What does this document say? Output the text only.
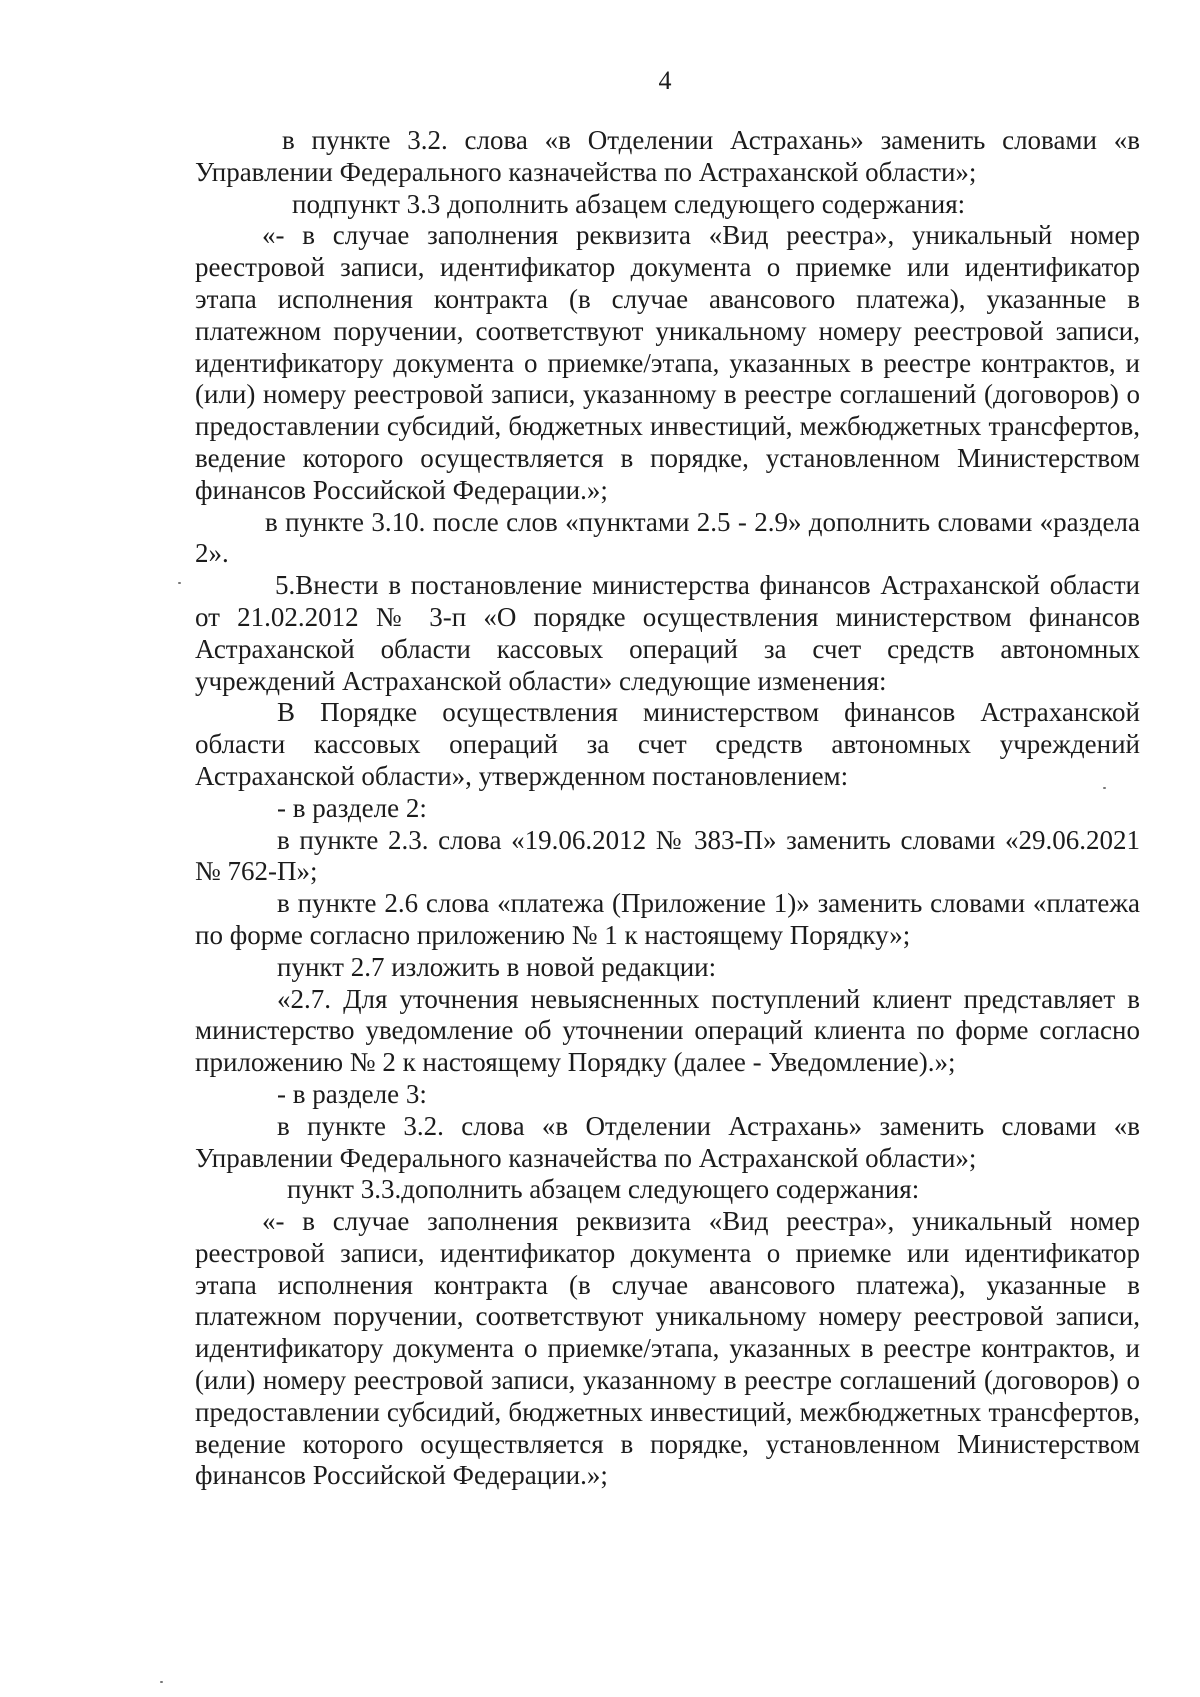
4

в пункте 3.2. слова «в Отделении Астрахань» заменить словами «в Управлении Федерального казначейства по Астраханской области»;

подпункт 3.3 дополнить абзацем следующего содержания:

«- в случае заполнения реквизита «Вид реестра», уникальный номер реестровой записи, идентификатор документа о приемке или идентификатор этапа исполнения контракта (в случае авансового платежа), указанные в платежном поручении, соответствуют уникальному номеру реестровой записи, идентификатору документа о приемке/этапа, указанных в реестре контрактов, и (или) номеру реестровой записи, указанному в реестре соглашений (договоров) о предоставлении субсидий, бюджетных инвестиций, межбюджетных трансфертов, ведение которого осуществляется в порядке, установленном Министерством финансов Российской Федерации.»;

в пункте 3.10. после слов «пунктами 2.5 - 2.9» дополнить словами «раздела 2».

5.Внести в постановление министерства финансов Астраханской области от 21.02.2012 № 3-п «О порядке осуществления министерством финансов Астраханской области кассовых операций за счет средств автономных учреждений Астраханской области» следующие изменения:

В Порядке осуществления министерством финансов Астраханской области кассовых операций за счет средств автономных учреждений Астраханской области», утвержденном постановлением:

- в разделе 2:

в пункте 2.3. слова «19.06.2012 № 383-П» заменить словами «29.06.2021 № 762-П»;

в пункте 2.6 слова «платежа (Приложение 1)» заменить словами «платежа по форме согласно приложению № 1 к настоящему Порядку»;

пункт 2.7 изложить в новой редакции:

«2.7. Для уточнения невыясненных поступлений клиент представляет в министерство уведомление об уточнении операций клиента по форме согласно приложению № 2 к настоящему Порядку (далее - Уведомление).»;

- в разделе 3:

в пункте 3.2. слова «в Отделении Астрахань» заменить словами «в Управлении Федерального казначейства по Астраханской области»;

пункт 3.3.дополнить абзацем следующего содержания:

«- в случае заполнения реквизита «Вид реестра», уникальный номер реестровой записи, идентификатор документа о приемке или идентификатор этапа исполнения контракта (в случае авансового платежа), указанные в платежном поручении, соответствуют уникальному номеру реестровой записи, идентификатору документа о приемке/этапа, указанных в реестре контрактов, и (или) номеру реестровой записи, указанному в реестре соглашений (договоров) о предоставлении субсидий, бюджетных инвестиций, межбюджетных трансфертов, ведение которого осуществляется в порядке, установленном Министерством финансов Российской Федерации.»;
